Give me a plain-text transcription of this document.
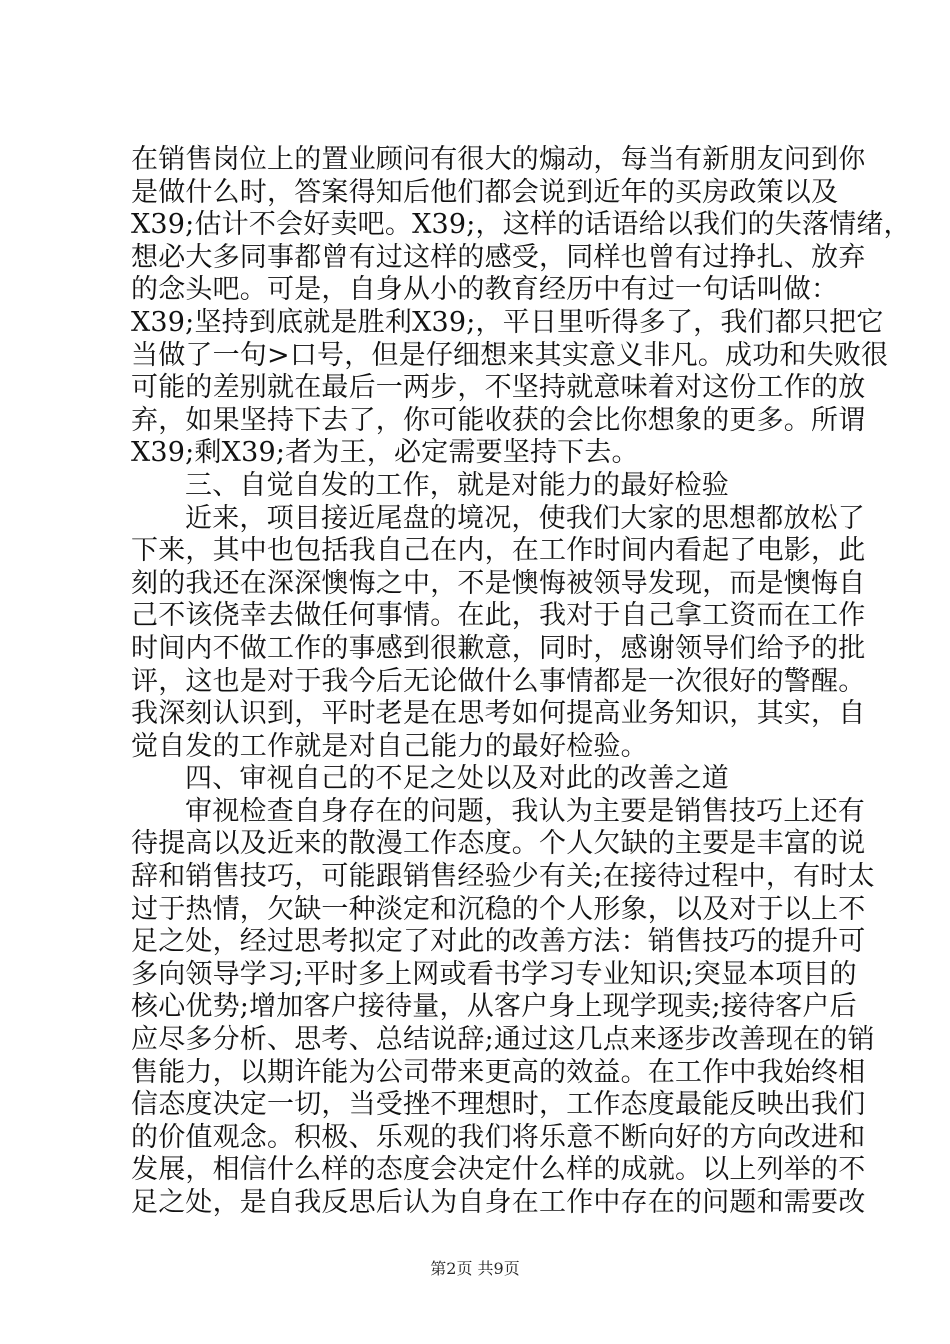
在销售岗位上的置业顾问有很大的煽动，每当有新朋友问到你
是做什么时，答案得知后他们都会说到近年的买房政策以及
X39;估计不会好卖吧。X39;，这样的话语给以我们的失落情绪，
想必大多同事都曾有过这样的感受，同样也曾有过挣扎、放弃
的念头吧。可是，自身从小的教育经历中有过一句话叫做：
X39;坚持到底就是胜利X39;，平日里听得多了，我们都只把它
当做了一句>口号，但是仔细想来其实意义非凡。成功和失败很
可能的差别就在最后一两步，不坚持就意味着对这份工作的放
弃，如果坚持下去了，你可能收获的会比你想象的更多。所谓
X39;剩X39;者为王，必定需要坚持下去。
三、自觉自发的工作，就是对能力的最好检验
近来，项目接近尾盘的境况，使我们大家的思想都放松了
下来，其中也包括我自己在内，在工作时间内看起了电影，此
刻的我还在深深懊悔之中，不是懊悔被领导发现，而是懊悔自
己不该侥幸去做任何事情。在此，我对于自己拿工资而在工作
时间内不做工作的事感到很歉意，同时，感谢领导们给予的批
评，这也是对于我今后无论做什么事情都是一次很好的警醒。
我深刻认识到，平时老是在思考如何提高业务知识，其实，自
觉自发的工作就是对自己能力的最好检验。
四、审视自己的不足之处以及对此的改善之道
审视检查自身存在的问题，我认为主要是销售技巧上还有
待提高以及近来的散漫工作态度。个人欠缺的主要是丰富的说
辞和销售技巧，可能跟销售经验少有关;在接待过程中，有时太
过于热情，欠缺一种淡定和沉稳的个人形象，以及对于以上不
足之处，经过思考拟定了对此的改善方法：销售技巧的提升可
多向领导学习;平时多上网或看书学习专业知识;突显本项目的
核心优势;增加客户接待量，从客户身上现学现卖;接待客户后
应尽多分析、思考、总结说辞;通过这几点来逐步改善现在的销
售能力，以期许能为公司带来更高的效益。在工作中我始终相
信态度决定一切，当受挫不理想时，工作态度最能反映出我们
的价值观念。积极、乐观的我们将乐意不断向好的方向改进和
发展，相信什么样的态度会决定什么样的成就。以上列举的不
足之处，是自我反思后认为自身在工作中存在的问题和需要改
第2页 共9页
